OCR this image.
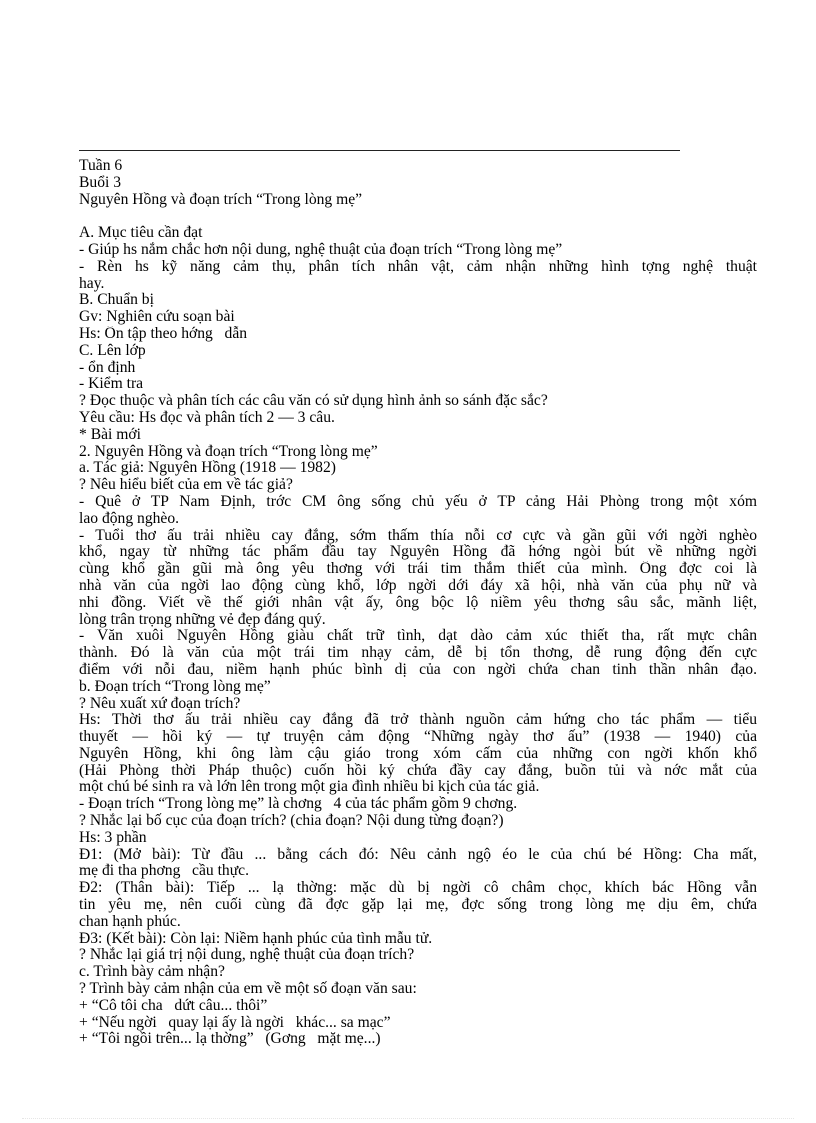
Tuần 6
Buổi 3
Nguyên Hồng và đoạn trích “Trong lòng mẹ”
A. Mục tiêu cần đạt
- Giúp hs nắm chắc hơn nội dung, nghệ thuật của đoạn trích “Trong lòng mẹ”
- Rèn hs kỹ năng cảm thụ, phân tích nhân vật, cảm nhận những hình tợng nghệ thuật
hay.
B. Chuẩn bị
Gv: Nghiên cứu soạn bài
Hs: Ôn tập theo hớng   dẫn
C. Lên lớp
- ổn định
- Kiểm tra
? Đọc thuộc và phân tích các câu văn có sử dụng hình ảnh so sánh đặc sắc?
Yêu cầu: Hs đọc và phân tích 2 — 3 câu.
* Bài mới
2. Nguyên Hồng và đoạn trích “Trong lòng mẹ”
a. Tác giả: Nguyên Hồng (1918 — 1982)
? Nêu hiểu biết của em về tác giả?
- Quê ở TP Nam Định, trớc CM ông sống chủ yếu ở TP cảng Hải Phòng trong một xóm
lao động nghèo.
- Tuổi thơ ấu trải nhiều cay đắng, sớm thấm thía nỗi cơ cực và gần gũi với ngời nghèo
khổ, ngay từ những tác phẩm đầu tay Nguyên Hồng đã hớng ngòi bút về những ngời
cùng khổ gần gũi mà ông yêu thơng với trái tim thắm thiết của mình. Ông đợc coi là
nhà văn của ngời lao động cùng khổ, lớp ngời dới đáy xã hội, nhà văn của phụ nữ và
nhi đồng. Viết về thế giới nhân vật ấy, ông bộc lộ niềm yêu thơng sâu sắc, mãnh liệt,
lòng trân trọng những vẻ đẹp đáng quý.
- Văn xuôi Nguyên Hồng giàu chất trữ tình, dạt dào cảm xúc thiết tha, rất mực chân
thành. Đó là văn của một trái tim nhạy cảm, dễ bị tổn thơng, dễ rung động đến cực
điểm với nỗi đau, niềm hạnh phúc bình dị của con ngời chứa chan tinh thần nhân đạo.
b. Đoạn trích “Trong lòng mẹ”
? Nêu xuất xứ đoạn trích?
Hs: Thời thơ ấu trải nhiều cay đắng đã trở thành nguồn cảm hứng cho tác phẩm — tiểu
thuyết — hồi ký — tự truyện cảm động “Những ngày thơ ấu” (1938 — 1940) của
Nguyên Hồng, khi ông làm cậu giáo trong xóm cấm của những con ngời khốn khổ
(Hải Phòng thời Pháp thuộc) cuốn hồi ký chứa đầy cay đắng, buồn tủi và nớc mắt của
một chú bé sinh ra và lớn lên trong một gia đình nhiều bi kịch của tác giả.
- Đoạn trích “Trong lòng mẹ” là chơng   4 của tác phẩm gồm 9 chơng.
? Nhắc lại bố cục của đoạn trích? (chia đoạn? Nội dung từng đoạn?)
Hs: 3 phần
Đ1: (Mở bài): Từ đầu ... bằng cách đó: Nêu cảnh ngộ éo le của chú bé Hồng: Cha mất,
mẹ đi tha phơng   cầu thực.
Đ2: (Thân bài): Tiếp ... lạ thờng: mặc dù bị ngời cô châm chọc, khích bác Hồng vẫn
tin yêu mẹ, nên cuối cùng đã đợc gặp lại mẹ, đợc sống trong lòng mẹ dịu êm, chứa
chan hạnh phúc.
Đ3: (Kết bài): Còn lại: Niềm hạnh phúc của tình mẫu tử.
? Nhắc lại giá trị nội dung, nghệ thuật của đoạn trích?
c. Trình bày cảm nhận?
? Trình bày cảm nhận của em về một số đoạn văn sau:
+ “Cô tôi cha   dứt câu... thôi”
+ “Nếu ngời   quay lại ấy là ngời   khác... sa mạc”
+ “Tôi ngồi trên... lạ thờng”   (Gơng   mặt mẹ...)
